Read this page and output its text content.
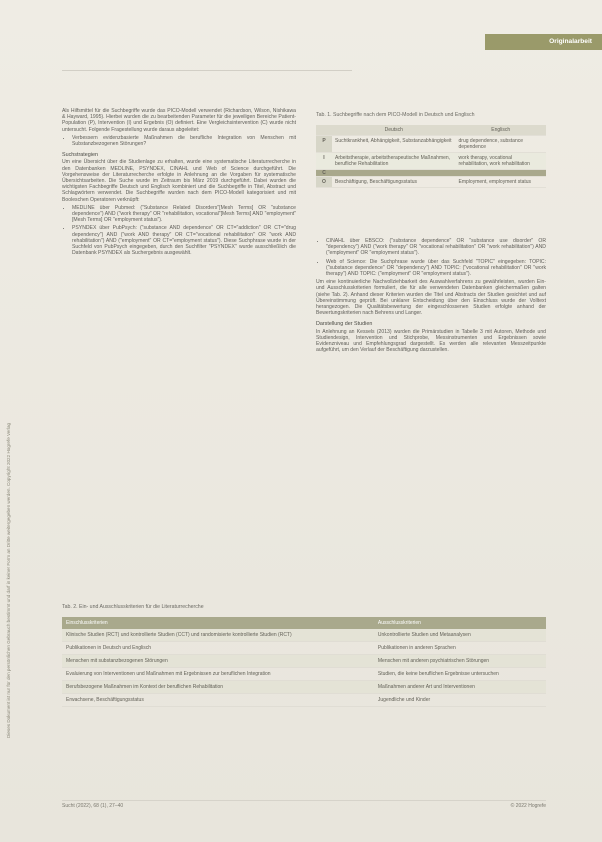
Dieses Dokument ist nur für den persönlichen Gebrauch bestimmt und darf in keiner Form an Dritte weitergegeben werden. Copyright 2022 Hogrefe Verlag
Originalarbeit

Als Hilfsmittel für die Suchbegriffe wurde das PICO-Modell verwendet (Richardson, Wilson, Nishikawa & Hayward, 1995). Hierbei wurden die zu bearbeitenden Parameter für die jeweiligen Bereiche Patient-Population (P), Intervention (I) und Ergebnis (O) definiert. Eine Vergleichsintervention (C) wurde nicht untersucht. Folgende Fragestellung wurde daraus abgeleitet:

• Verbessern evidenzbasierte Maßnahmen die berufliche Integration von Menschen mit Substanzbezogenen Störungen?
Suchstrategien

Um eine Übersicht über die Studienlage zu erhalten, wurde eine systematische Literaturrecherche in den Datenbanken MEDLINE, PSYNDEX, CINAHL und Web of Science durchgeführt. Die Vorgehensweise der Literaturrecherche erfolgte in Anlehnung an die Vorgaben für systematische Übersichtsarbeiten. Die Suche wurde im Zeitraum bis März 2019 durchgeführt. Dabei wurden die wichtigsten Fachbegriffe Deutsch und Englisch kombiniert und die Suchbegriffe in Titel, Abstract und Schlagwörtern verwendet. Die Suchbegriffe wurden nach dem PICO-Modell kategorisiert und mit Booleschen Operatoren verknüpft:

• MEDLINE über Pubmed: ("Substance Related Disorders"[Mesh Terms] OR "substance dependence") AND ("work therapy" OR "rehabilitation, vocational"[Mesh Terms] AND "employment"[Mesh Terms] OR "employment status").
• PSYNDEX über PubPsych: ("substance AND dependence" OR CT="addiction" OR CT="drug dependency") AND ("work AND therapy" OR CT="vocational rehabilitation" OR "work AND rehabilitation") AND ("employment" OR CT="employment status"). Diese Suchphrase wurde in der Suchfeld von PubPsych eingegeben, durch den Suchfilter "PSYNDEX" wurde ausschließlich die Datenbank PSYNDEX als Suchergebnis ausgewählt.
Tab. 1. Suchbegriffe nach dem PICO-Modell in Deutsch und Englisch
	Deutsch	Englisch
P	Suchtkrankheit, Abhängigkeit, Substanzabhängigkeit	drug dependence, substance dependence
I	Arbeitstherapie, arbeitstherapeutische Maßnahmen, berufliche Rehabilitation	work therapy, vocational rehabilitation, work rehabilitation
C		
O	Beschäftigung, Beschäftigungsstatus	Employment, employment status
• CINAHL über EBSCO: ("substance dependence" OR "substance use disorder" OR "dependency") AND ("work therapy" OR "vocational rehabilitation" OR "work rehabilitation") AND ("employment" OR "employment status").
• Web of Science: Die Suchphrase wurde über das Suchfeld "TOPIC" eingegeben: TOPIC: ("substance dependence" OR "dependency") AND TOPIC: ("vocational rehabilitation" OR "work therapy") AND TOPIC: ("employment" OR "employment status").

Um eine kontinuierliche Nachvollziehbarkeit des Auswahlverfahrens zu gewährleisten, wurden Ein- und Ausschlusskriterien formuliert, die für alle verwendeten Datenbanken gleichermaßen galten (siehe Tab. 2). Anhand dieser Kriterien wurden die Titel und Abstracts der Studien gesichtet und auf Übereinstimmung geprüft. Bei unklarer Entscheidung über den Einschluss wurde der Volltext herangezogen. Die Qualitätsbewertung der eingeschlossenen Studien erfolgte anhand der Bewertungskriterien nach Behrens und Langer.

Darstellung der Studien

In Anlehnung an Kessels (2013) wurden die Primärstudien in Tabelle 3 mit Autoren, Methode und Studiendesign, Intervention und Stichprobe, Messinstrumenten und Ergebnissen sowie Evidenzniveau und Empfehlungsgrad dargestellt. Es werden alle relevanten Messzeitpunkte aufgeführt, um den Verlauf der Beschäftigung darzustellen.

Tab. 2. Ein- und Ausschlusskriterien für die Literaturrecherche
Einschlusskriterien	Ausschlusskriterien
Klinische Studien (RCT) und kontrollierte Studien (CCT) und randomisierte kontrollierte Studien (RCT)	Unkontrollierte Studien und Metaanalysen
Publikationen in Deutsch und Englisch	Publikationen in anderen Sprachen
Menschen mit substanzbezogenen Störungen	Menschen mit anderen psychiatrischen Störungen
Evaluierung von Interventionen und Maßnahmen mit Ergebnissen zur beruflichen Integration	Studien, die keine beruflichen Ergebnisse untersuchen
Berufsbezogene Maßnahmen im Kontext der beruflichen Rehabilitation	Maßnahmen anderer Art und Interventionen
Erwachsene, Beschäftigungsstatus	Jugendliche und Kinder
Sucht (2022), 68 (1), 27–40	© 2022 Hogrefe
